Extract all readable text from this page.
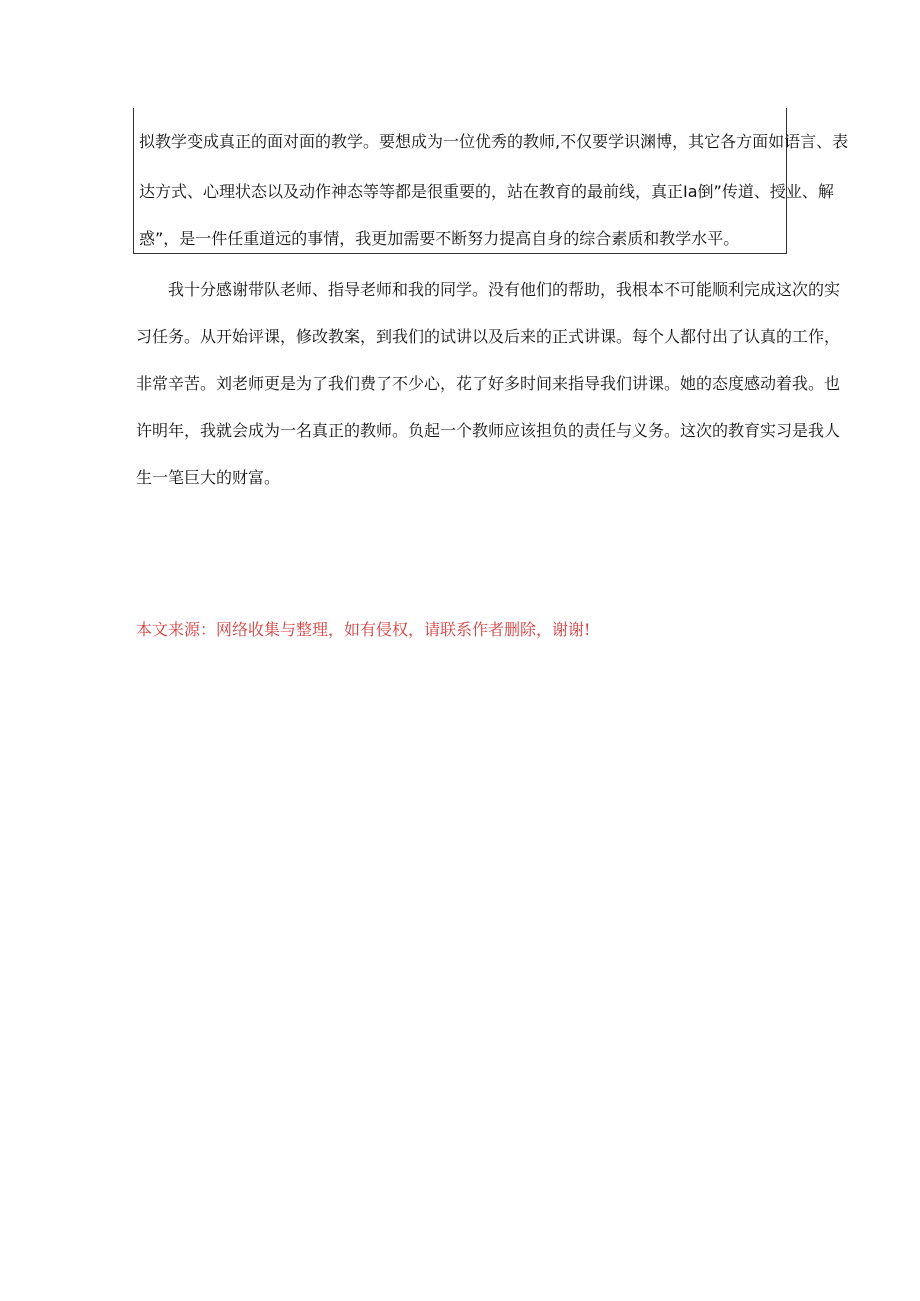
拟教学变成真正的面对面的教学。要想成为一位优秀的教师,不仅要学识渊博，其它各方面如语言、表
达方式、心理状态以及动作神态等等都是很重要的，站在教育的最前线，真正Ia倒”传道、授业、解
惑”，是一件任重道远的事情，我更加需要不断努力提高自身的综合素质和教学水平。
我十分感谢带队老师、指导老师和我的同学。没有他们的帮助，我根本不可能顺利完成这次的实
习任务。从开始评课，修改教案，到我们的试讲以及后来的正式讲课。每个人都付出了认真的工作，
非常辛苦。刘老师更是为了我们费了不少心，花了好多时间来指导我们讲课。她的态度感动着我。也
许明年，我就会成为一名真正的教师。负起一个教师应该担负的责任与义务。这次的教育实习是我人
生一笔巨大的财富。
本文来源：网络收集与整理，如有侵权，请联系作者删除，谢谢!
